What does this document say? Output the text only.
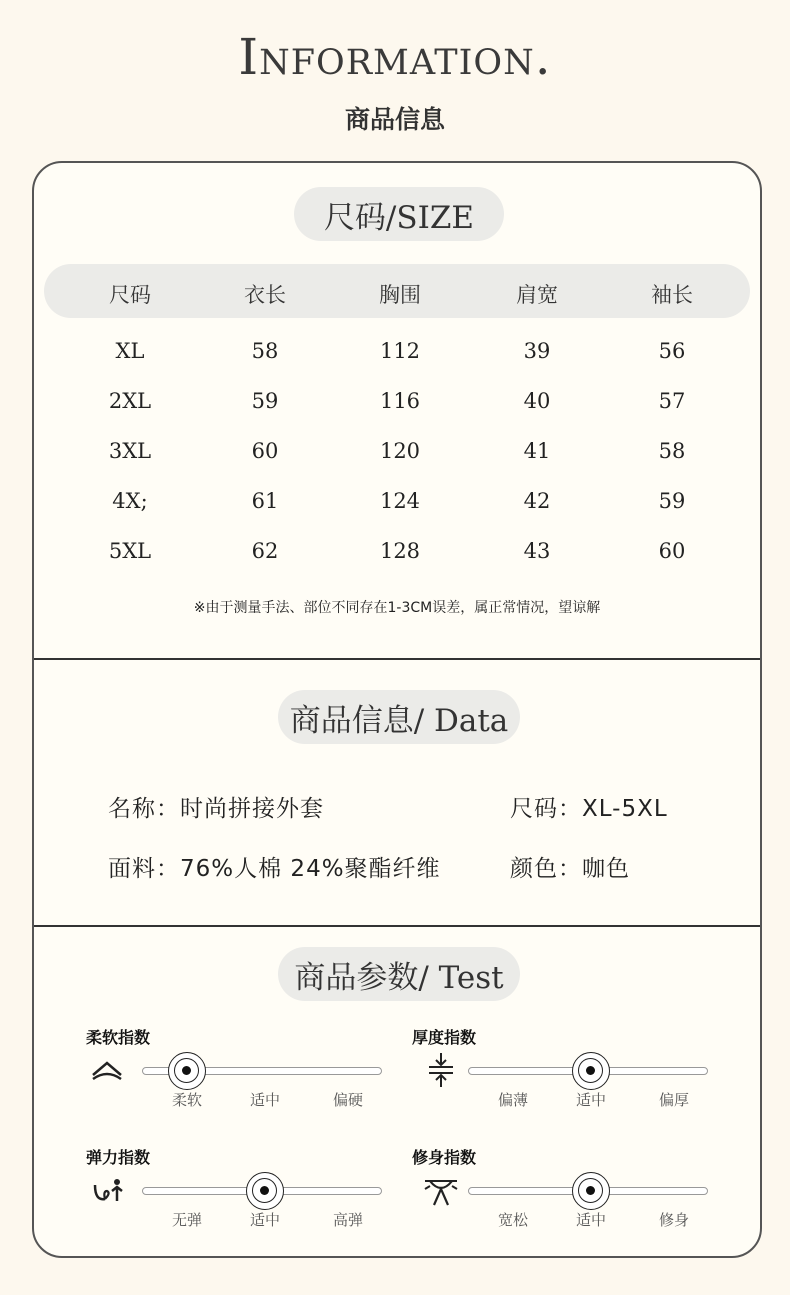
Information.
商品信息
尺码/SIZE
尺码	衣长	胸围	肩宽	袖长
XL	58	112	39	56
2XL	59	116	40	57
3XL	60	120	41	58
4X;	61	124	42	59
5XL	62	128	43	60
※由于测量手法、部位不同存在1-3CM误差，属正常情况，望谅解
商品信息/ Data
名称：时尚拼接外套	尺码：XL-5XL
面料：76%人棉 24%聚酯纤维	颜色：咖色
商品参数/ Test
柔软指数
柔软	适中	偏硬
厚度指数
偏薄	适中	偏厚
弹力指数
无弹	适中	高弹
修身指数
宽松	适中	修身
